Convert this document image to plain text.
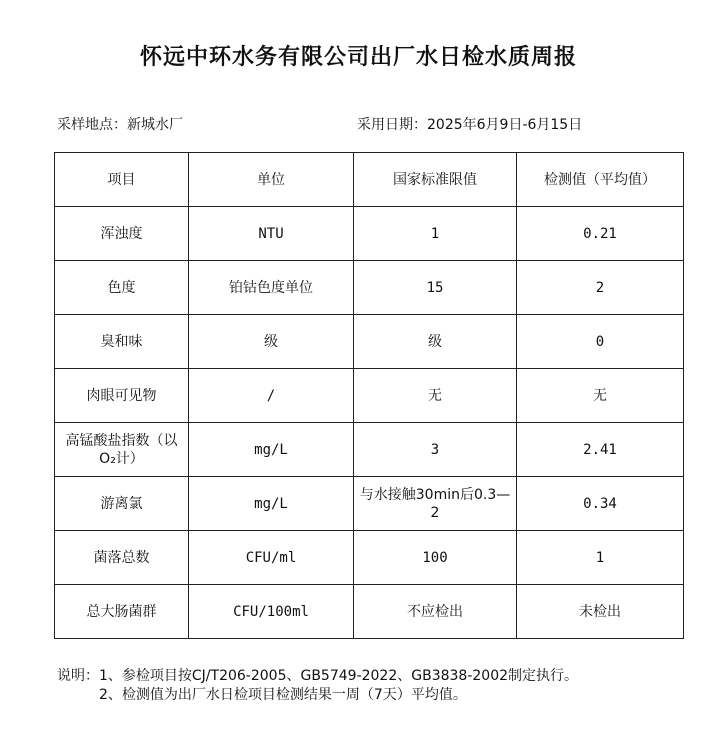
怀远中环水务有限公司出厂水日检水质周报
采样地点：新城水厂	采用日期：2025年6月9日-6月15日
项目	单位	国家标准限值	检测值（平均值）
浑浊度	NTU	1	0.21
色度	铂钴色度单位	15	2
臭和味	级	级	0
肉眼可见物	/	无	无
高锰酸盐指数（以O₂计）	mg/L	3	2.41
游离氯	mg/L	与水接触30min后0.3—2	0.34
菌落总数	CFU/ml	100	1
总大肠菌群	CFU/100ml	不应检出	未检出
说明：1、参检项目按CJ/T206-2005、GB5749-2022、GB3838-2002制定执行。
2、检测值为出厂水日检项目检测结果一周（7天）平均值。
